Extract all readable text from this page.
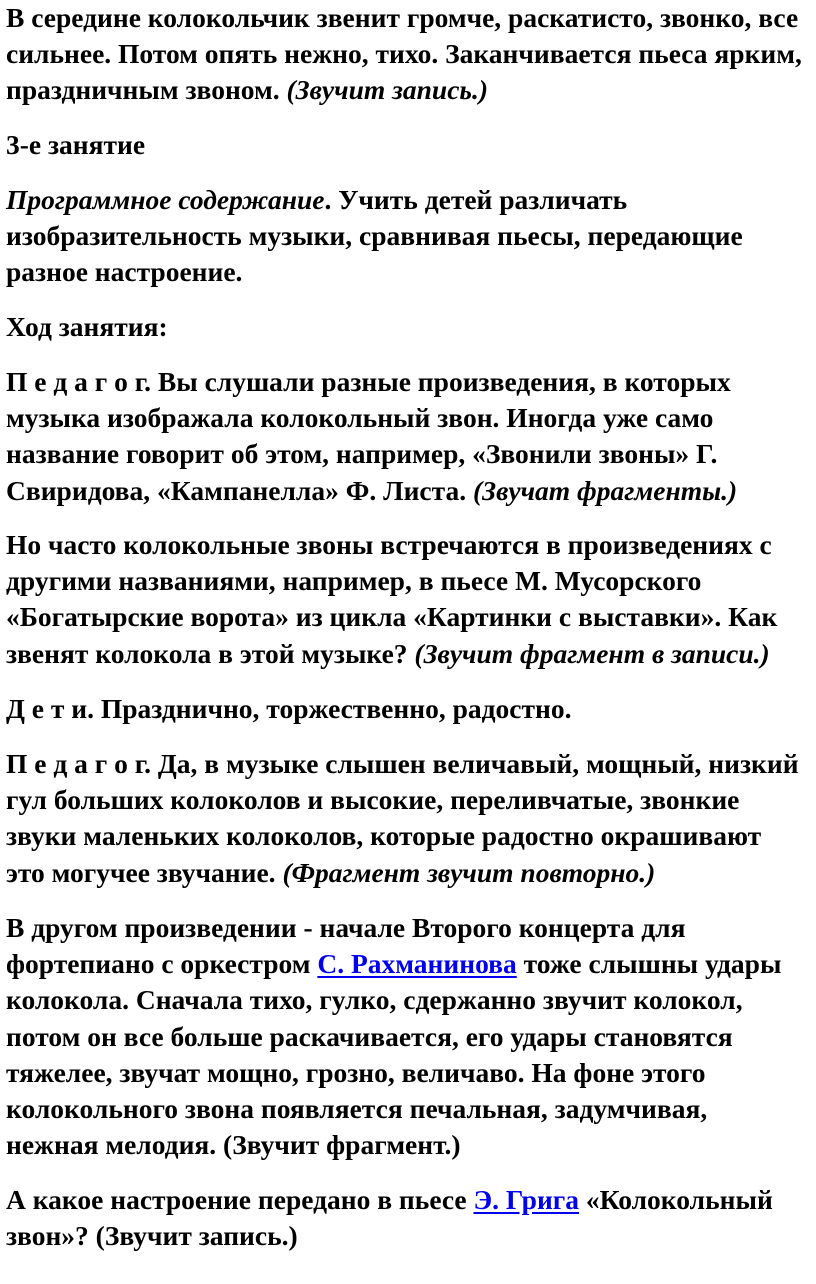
В середине колокольчик звенит громче, раскатисто, звонко, все
сильнее. Потом опять нежно, тихо. Заканчивается пьеса ярким,
праздничным звоном. (Звучит запись.)

3-е занятие

Программное содержание. Учить детей различать
изобразительность музыки, сравнивая пьесы, передающие
разное настроение.

Ход занятия:

П е д а г о г. Вы слушали разные произведения, в которых
музыка изображала колокольный звон. Иногда уже само
название говорит об этом, например, «Звонили звоны» Г.
Свиридова, «Кампанелла» Ф. Листа. (Звучат фрагменты.)

Но часто колокольные звоны встречаются в произведениях с
другими названиями, например, в пьесе М. Мусорского
«Богатырские ворота» из цикла «Картинки с выставки». Как
звенят колокола в этой музыке? (Звучит фрагмент в записи.)

Д е т и. Празднично, торжественно, радостно.

П е д а г о г. Да, в музыке слышен величавый, мощный, низкий
гул больших колоколов и высокие, переливчатые, звонкие
звуки маленьких колоколов, которые радостно окрашивают
это могучее звучание. (Фрагмент звучит повторно.)

В другом произведении - начале Второго концерта для
фортепиано с оркестром С. Рахманинова тоже слышны удары
колокола. Сначала тихо, гулко, сдержанно звучит колокол,
потом он все больше раскачивается, его удары становятся
тяжелее, звучат мощно, грозно, величаво. На фоне этого
колокольного звона появляется печальная, задумчивая,
нежная мелодия. (Звучит фрагмент.)

А какое настроение передано в пьесе Э. Грига «Колокольный
звон»? (Звучит запись.)
